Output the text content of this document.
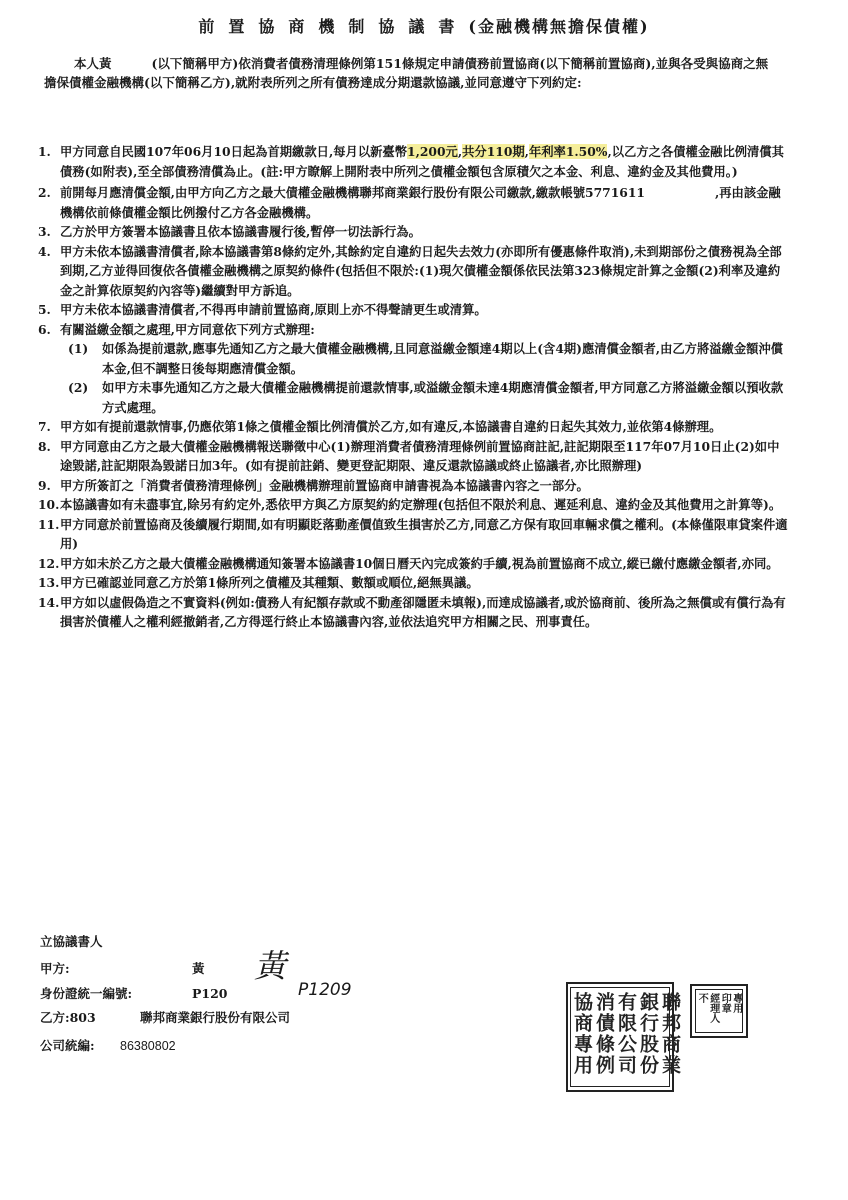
前置協商機制協議書(金融機構無擔保債權)
本人黃	(以下簡稱甲方)依消費者債務清理條例第151條規定申請債務前置協商(以下簡稱前置協商),並與各受與協商之無擔保債權金融機構(以下簡稱乙方),就附表所列之所有債務達成分期還款協議,並同意遵守下列約定:
1. 甲方同意自民國107年06月10日起為首期繳款日,每月以新臺幣1,200元,共分110期,年利率1.50%,以乙方之各債權金融比例清償其債務(如附表),至全部債務清償為止。(註:甲方瞭解上開附表中所列之債權金額包含原積欠之本金、利息、違約金及其他費用。)
2. 前開每月應清償金額,由甲方向乙方之最大債權金融機構聯邦商業銀行股份有限公司繳款,繳款帳號5771611	,再由該金融機構依前條債權金額比例撥付乙方各金融機構。
3. 乙方於甲方簽署本協議書且依本協議書履行後,暫停一切法訴行為。
4. 甲方未依本協議書清償者,除本協議書第8條約定外,其餘約定自違約日起失去效力(亦即所有優惠條件取消),未到期部份之債務視為全部到期,乙方並得回復依各債權金融機構之原契約條件(包括但不限於:(1)現欠債權金額係依民法第323條規定計算之金額(2)利率及違約金之計算依原契約內容等)繼續對甲方訴追。
5. 甲方未依本協議書清償者,不得再申請前置協商,原則上亦不得聲請更生或清算。
6. 有關溢繳金額之處理,甲方同意依下列方式辦理:
(1)	如係為提前還款,應事先通知乙方之最大債權金融機構,且同意溢繳金額達4期以上(含4期)應清償金額者,由乙方將溢繳金額沖償本金,但不調整日後每期應清償金額。
(2)	如甲方未事先通知乙方之最大債權金融機構提前還款情事,或溢繳金額未達4期應清償金額者,甲方同意乙方將溢繳金額以預收款方式處理。
7. 甲方如有提前還款情事,仍應依第1條之債權金額比例清償於乙方,如有違反,本協議書自違約日起失其效力,並依第4條辦理。
8. 甲方同意由乙方之最大債權金融機構報送聯徵中心(1)辦理消費者債務清理條例前置協商註記,註記期限至117年07月10日止(2)如中途毀諾,註記期限為毀諾日加3年。(如有提前註銷、變更登記期限、違反還款協議或終止協議者,亦比照辦理)
9. 甲方所簽訂之「消費者債務清理條例」金融機構辦理前置協商申請書視為本協議書內容之一部分。
10. 本協議書如有未盡事宜,除另有約定外,悉依甲方與乙方原契約約定辦理(包括但不限於利息、遲延利息、違約金及其他費用之計算等)。
11. 甲方同意於前置協商及後續履行期間,如有明顯貶落動產價值致生損害於乙方,同意乙方保有取回車輛求償之權利。(本條僅限車貸案件適用)
12. 甲方如未於乙方之最大債權金融機構通知簽署本協議書10個日曆天內完成簽約手續,視為前置協商不成立,縱已繳付應繳金額者,亦同。
13. 甲方已確認並同意乙方於第1條所列之債權及其種類、數額或順位,絕無異議。
14. 甲方如以虛假偽造之不實資料(例如:債務人有紀額存款或不動產卻隱匿未填報),而達成協議者,或於協商前、後所為之無償或有償行為有損害於債權人之權利經撤銷者,乙方得逕行終止本協議書內容,並依法追究甲方相關之民、刑事責任。
立協議書人
甲方:	黃 黃
身份證統一編號:	P120	P1209
乙方:803	聯邦商業銀行股份有限公司
公司統編: 86380802	聯邦商業
銀行股份
有限公司
消債條例
協商專用	專用
印章
經理人
不
